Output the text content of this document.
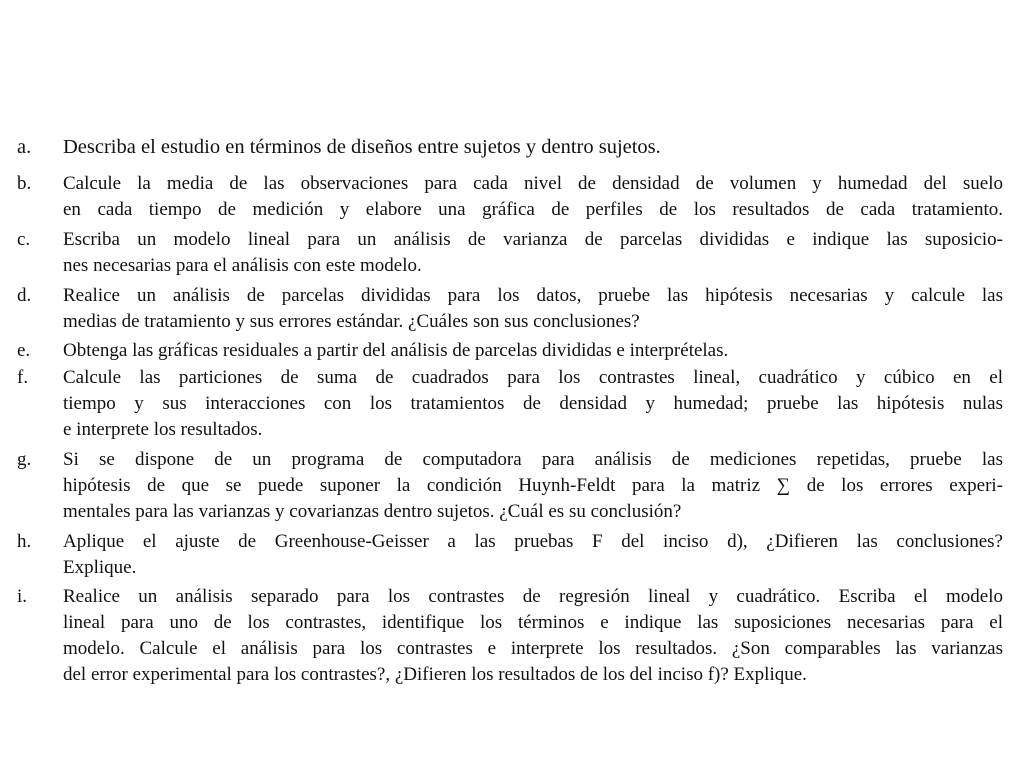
a. Describa el estudio en términos de diseños entre sujetos y dentro sujetos.
b. Calcule la media de las observaciones para cada nivel de densidad de volumen y humedad del suelo
en cada tiempo de medición y elabore una gráfica de perfiles de los resultados de cada tratamiento.
c. Escriba un modelo lineal para un análisis de varianza de parcelas divididas e indique las suposicio-
nes necesarias para el análisis con este modelo.
d. Realice un análisis de parcelas divididas para los datos, pruebe las hipótesis necesarias y calcule las
medias de tratamiento y sus errores estándar. ¿Cuáles son sus conclusiones?
e. Obtenga las gráficas residuales a partir del análisis de parcelas divididas e interprételas.
f. Calcule las particiones de suma de cuadrados para los contrastes lineal, cuadrático y cúbico en el
tiempo y sus interacciones con los tratamientos de densidad y humedad; pruebe las hipótesis nulas
e interprete los resultados.
g. Si se dispone de un programa de computadora para análisis de mediciones repetidas, pruebe las
hipótesis de que se puede suponer la condición Huynh-Feldt para la matriz ∑ de los errores experi-
mentales para las varianzas y covarianzas dentro sujetos. ¿Cuál es su conclusión?
h. Aplique el ajuste de Greenhouse-Geisser a las pruebas F del inciso d), ¿Difieren las conclusiones?
Explique.
i. Realice un análisis separado para los contrastes de regresión lineal y cuadrático. Escriba el modelo
lineal para uno de los contrastes, identifique los términos e indique las suposiciones necesarias para el
modelo. Calcule el análisis para los contrastes e interprete los resultados. ¿Son comparables las varianzas
del error experimental para los contrastes?, ¿Difieren los resultados de los del inciso f)? Explique.
